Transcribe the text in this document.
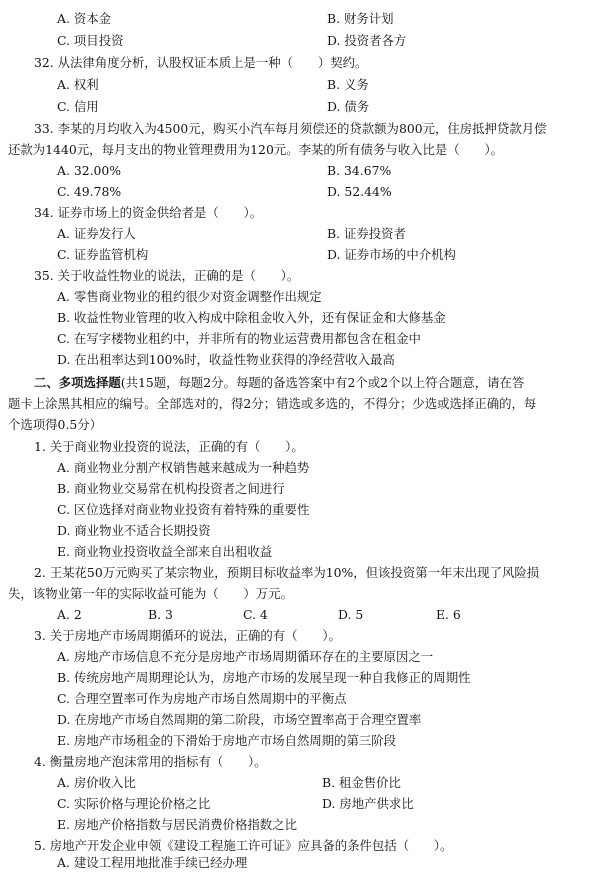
A. 资本金	B. 财务计划
C. 项目投资	D. 投资者各方
32. 从法律角度分析，认股权证本质上是一种（　　）契约。
A. 权利	B. 义务
C. 信用	D. 债务
33. 李某的月均收入为4500元，购买小汽车每月须偿还的贷款额为800元，住房抵押贷款月偿
还款为1440元，每月支出的物业管理费用为120元。李某的所有债务与收入比是（　　）。
A. 32.00%	B. 34.67%
C. 49.78%	D. 52.44%
34. 证券市场上的资金供给者是（　　）。
A. 证券发行人	B. 证券投资者
C. 证券监管机构	D. 证券市场的中介机构
35. 关于收益性物业的说法，正确的是（　　）。
A. 零售商业物业的租约很少对资金调整作出规定
B. 收益性物业管理的收入构成中除租金收入外，还有保证金和大修基金
C. 在写字楼物业租约中，并非所有的物业运营费用都包含在租金中
D. 在出租率达到100%时，收益性物业获得的净经营收入最高
二、多项选择题(共15题，每题2分。每题的备选答案中有2个或2个以上符合题意，请在答
题卡上涂黑其相应的编号。全部选对的，得2分；错选或多选的，不得分；少选或选择正确的，每
个选项得0.5分）
1. 关于商业物业投资的说法，正确的有（　　）。
A. 商业物业分割产权销售越来越成为一种趋势
B. 商业物业交易常在机构投资者之间进行
C. 区位选择对商业物业投资有着特殊的重要性
D. 商业物业不适合长期投资
E. 商业物业投资收益全部来自出租收益
2. 王某花50万元购买了某宗物业，预期目标收益率为10%，但该投资第一年末出现了风险损
失，该物业第一年的实际收益可能为（　　）万元。
A. 2	B. 3	C. 4	D. 5	E. 6
3. 关于房地产市场周期循环的说法，正确的有（　　）。
A. 房地产市场信息不充分是房地产市场周期循环存在的主要原因之一
B. 传统房地产周期理论认为，房地产市场的发展呈现一种自我修正的周期性
C. 合理空置率可作为房地产市场自然周期中的平衡点
D. 在房地产市场自然周期的第二阶段，市场空置率高于合理空置率
E. 房地产市场租金的下滑始于房地产市场自然周期的第三阶段
4. 衡量房地产泡沫常用的指标有（　　）。
A. 房价收入比	B. 租金售价比
C. 实际价格与理论价格之比	D. 房地产供求比
E. 房地产价格指数与居民消费价格指数之比
5. 房地产开发企业申领《建设工程施工许可证》应具备的条件包括（　　）。
A. 建设工程用地批准手续已经办理
